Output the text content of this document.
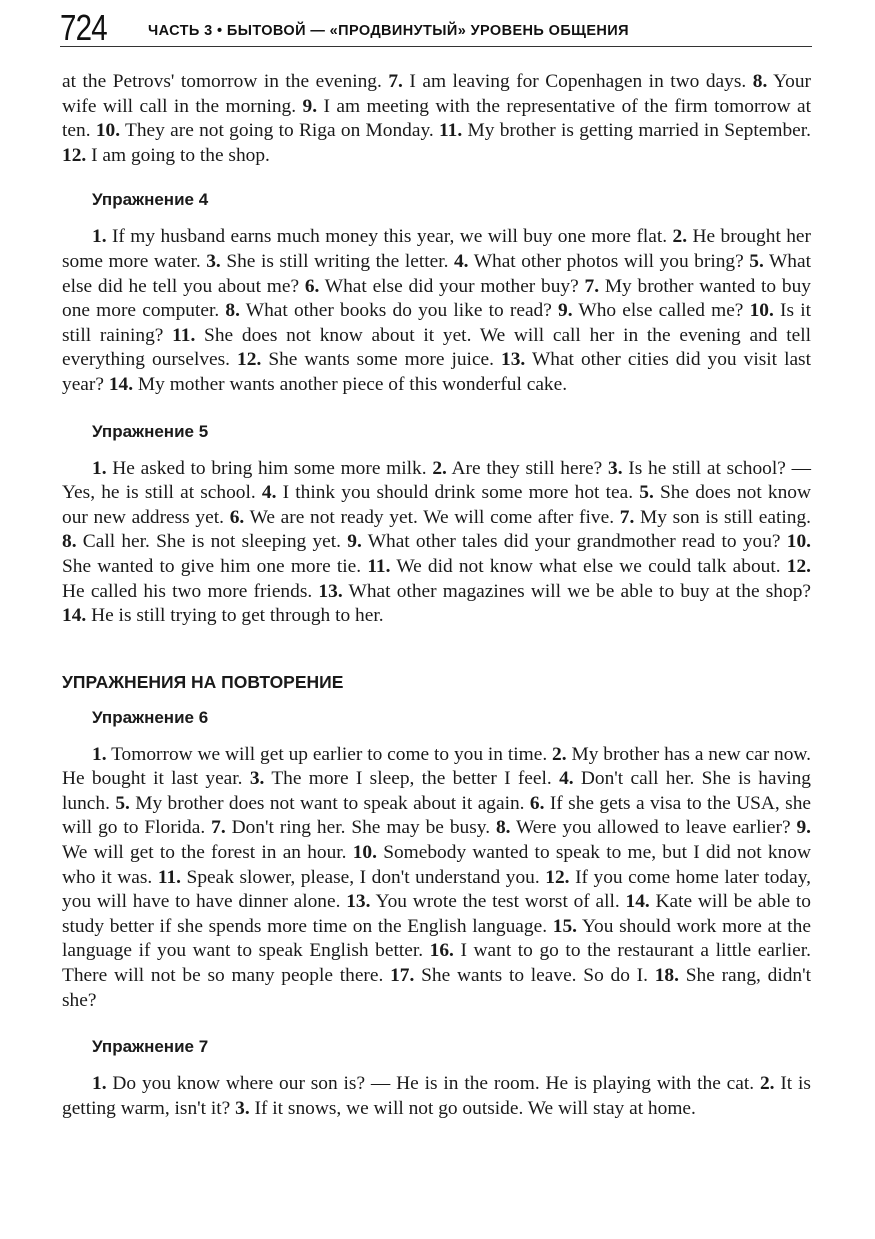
724	ЧАСТЬ 3 • БЫТОВОЙ — «ПРОДВИНУТЫЙ» УРОВЕНЬ ОБЩЕНИЯ

at the Petrovs' tomorrow in the evening. 7. I am leaving for Copenhagen in two days. 8. Your wife will call in the morning. 9. I am meeting with the representative of the firm tomorrow at ten. 10. They are not going to Riga on Monday. 11. My brother is getting married in September. 12. I am going to the shop.

Упражнение 4

1. If my husband earns much money this year, we will buy one more flat. 2. He brought her some more water. 3. She is still writing the letter. 4. What other photos will you bring? 5. What else did he tell you about me? 6. What else did your mother buy? 7. My brother wanted to buy one more computer. 8. What other books do you like to read? 9. Who else called me? 10. Is it still raining? 11. She does not know about it yet. We will call her in the evening and tell everything ourselves. 12. She wants some more juice. 13. What other cities did you visit last year? 14. My mother wants another piece of this wonderful cake.

Упражнение 5

1. He asked to bring him some more milk. 2. Are they still here? 3. Is he still at school? — Yes, he is still at school. 4. I think you should drink some more hot tea. 5. She does not know our new address yet. 6. We are not ready yet. We will come after five. 7. My son is still eating. 8. Call her. She is not sleeping yet. 9. What other tales did your grandmother read to you? 10. She wanted to give him one more tie. 11. We did not know what else we could talk about. 12. He called his two more friends. 13. What other magazines will we be able to buy at the shop? 14. He is still trying to get through to her.

УПРАЖНЕНИЯ НА ПОВТОРЕНИЕ
Упражнение 6

1. Tomorrow we will get up earlier to come to you in time. 2. My brother has a new car now. He bought it last year. 3. The more I sleep, the better I feel. 4. Don't call her. She is having lunch. 5. My brother does not want to speak about it again. 6. If she gets a visa to the USA, she will go to Florida. 7. Don't ring her. She may be busy. 8. Were you allowed to leave earlier? 9. We will get to the forest in an hour. 10. Somebody wanted to speak to me, but I did not know who it was. 11. Speak slower, please, I don't understand you. 12. If you come home later today, you will have to have dinner alone. 13. You wrote the test worst of all. 14. Kate will be able to study better if she spends more time on the English language. 15. You should work more at the language if you want to speak English better. 16. I want to go to the restaurant a little earlier. There will not be so many people there. 17. She wants to leave. So do I. 18. She rang, didn't she?

Упражнение 7

1. Do you know where our son is? — He is in the room. He is playing with the cat. 2. It is getting warm, isn't it? 3. If it snows, we will not go outside. We will stay at home.
